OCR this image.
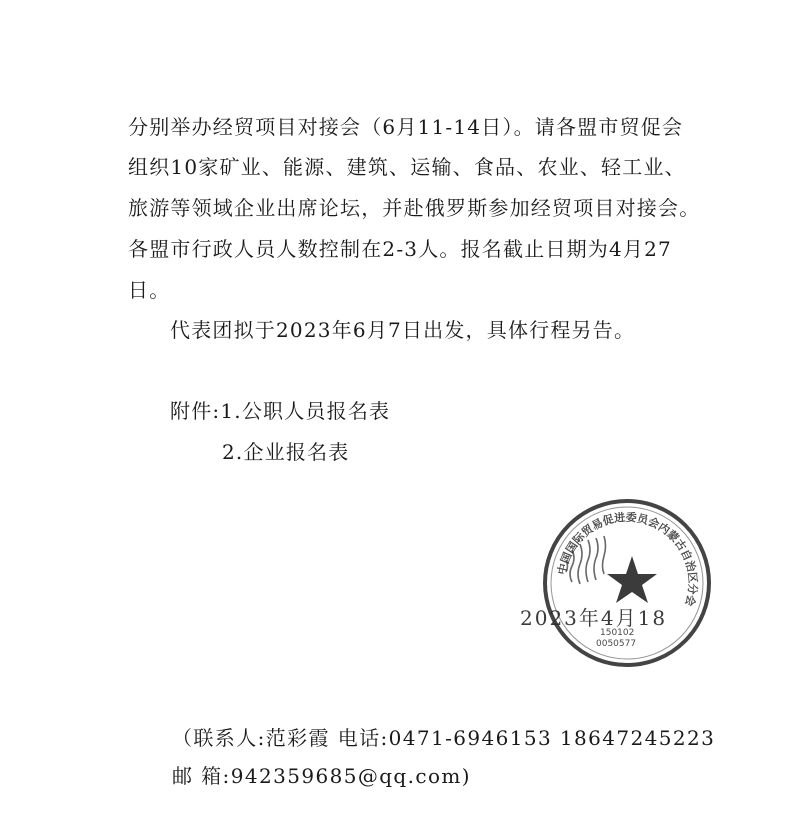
分别举办经贸项目对接会（6月11-14日）。请各盟市贸促会

组织10家矿业、能源、建筑、运输、食品、农业、轻工业、

旅游等领域企业出席论坛，并赴俄罗斯参加经贸项目对接会。

各盟市行政人员人数控制在2-3人。报名截止日期为4月27

日。

代表团拟于2023年6月7日出发，具体行程另告。

附件:1.公职人员报名表

2.企业报名表

2023年4月18

中国国际贸易促进委员会内蒙古自治区分会
150102
0050577

（联系人:范彩霞 电话:0471-6946153 18647245223

邮 箱:942359685@qq.com)
